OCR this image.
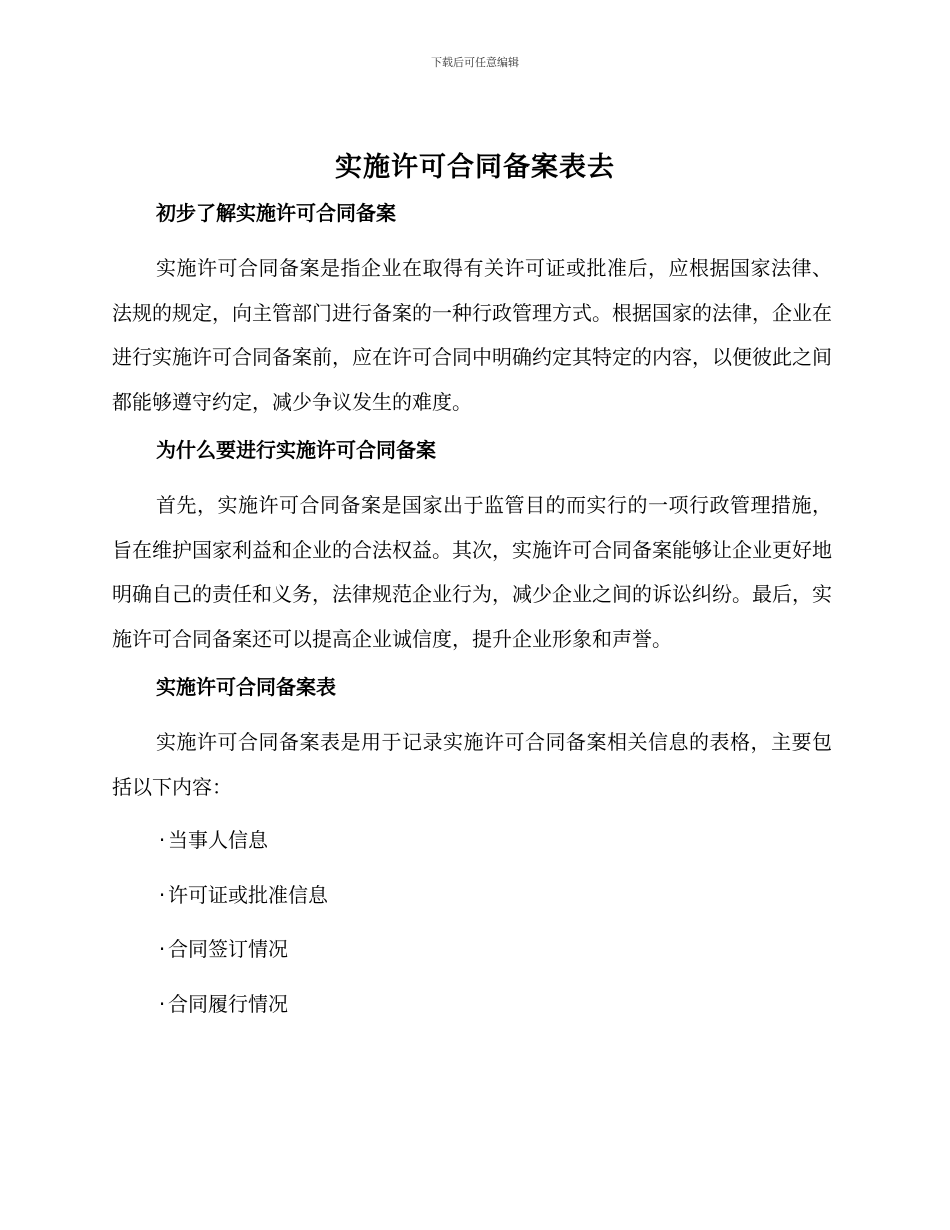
下载后可任意编辑
实施许可合同备案表去
初步了解实施许可合同备案

实施许可合同备案是指企业在取得有关许可证或批准后，应根据国家法律、法规的规定，向主管部门进行备案的一种行政管理方式。根据国家的法律，企业在进行实施许可合同备案前，应在许可合同中明确约定其特定的内容，以便彼此之间都能够遵守约定，减少争议发生的难度。

为什么要进行实施许可合同备案

首先，实施许可合同备案是国家出于监管目的而实行的一项行政管理措施，旨在维护国家利益和企业的合法权益。其次，实施许可合同备案能够让企业更好地明确自己的责任和义务，法律规范企业行为，减少企业之间的诉讼纠纷。最后，实施许可合同备案还可以提高企业诚信度，提升企业形象和声誉。

实施许可合同备案表

实施许可合同备案表是用于记录实施许可合同备案相关信息的表格，主要包括以下内容：

· 当事人信息
· 许可证或批准信息
· 合同签订情况
· 合同履行情况
